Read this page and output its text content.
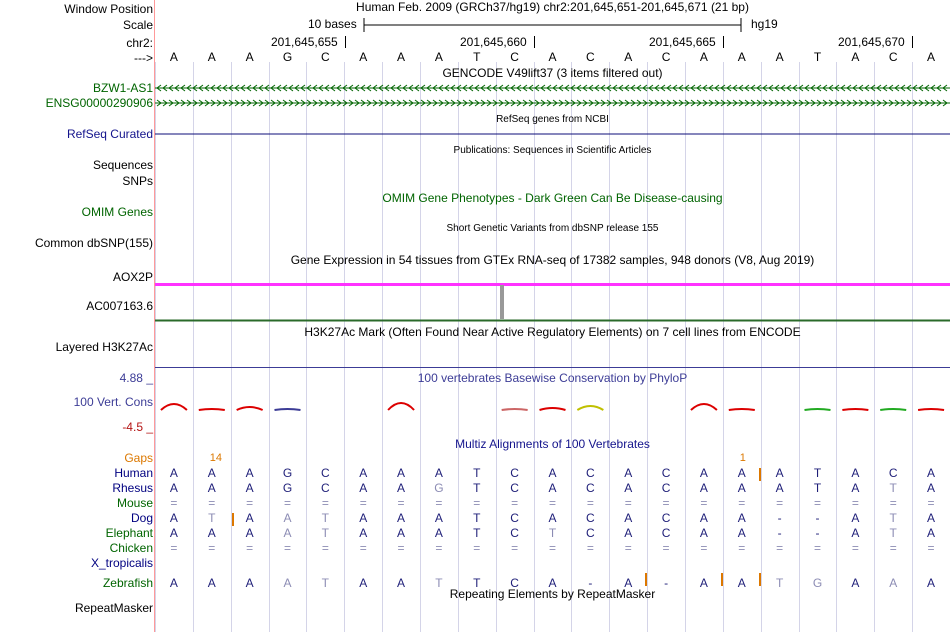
Window Position	Human Feb. 2009 (GRCh37/hg19) chr2:201,645,651-201,645,671 (21 bp)
Scale	10 bases	hg19
chr2:	201,645,655	201,645,660	201,645,665	201,645,670
---> A A A G C A A A	T C A C A C A A A	T	A C A
GENCODE V49lift37 (3 items filtered out)
BZW1-AS1
ENSG00000290906
RefSeq genes from NCBI
RefSeq Curated
Publications: Sequences in Scientific Articles
Sequences
SNPs
OMIM Gene Phenotypes - Dark Green Can Be Disease-causing
OMIM Genes
Short Genetic Variants from dbSNP release 155
Common dbSNP(155)
Gene Expression in 54 tissues from GTEx RNA-seq of 17382 samples, 948 donors (V8, Aug 2019)
AOX2P
AC007163.6
H3K27Ac Mark (Often Found Near Active Regulatory Elements) on 7 cell lines from ENCODE
Layered H3K27Ac
100 vertebrates Basewise Conservation by PhyloP
4.88 _
100 Vert. Cons
-4.5 _
Multiz Alignments of 100 Vertebrates
Gaps	14	1
Human A A A G C A A A	T C A C A C A A A	T	A C A
Rhesus A A A G C A A G T C A C A C A A A	T	A	T	A
Mouse =	=	=	=	=	=	=	=	=	=	=	=	=	=	=	=	=	=	=	=	=
Dog A	T	A A	T	A A A	T C A C A C A A	-	-	A	T	A
Elephant A A A A	T	A A A	T C T C A C A A	-	-	A	T	A
Chicken =	=	=	=	=	=	=	=	=	=	=	=	=	=	=	=	=	=	=	=	=
X_tropicalis
Zebrafish A A A A	T	A A	T	T C A	-	A	-	A A	T G A A A
Repeating Elements by RepeatMasker
RepeatMasker
